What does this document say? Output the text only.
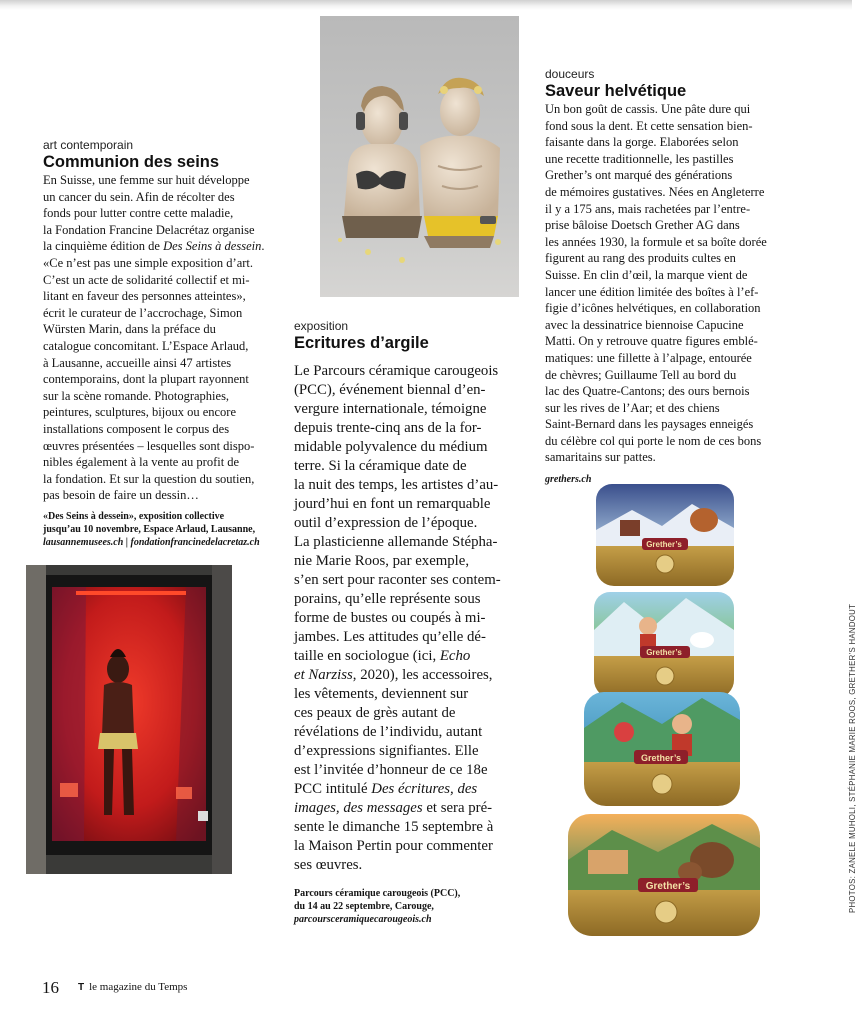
art contemporain
Communion des seins

En Suisse, une femme sur huit développe
un cancer du sein. Afin de récolter des
fonds pour lutter contre cette maladie,
la Fondation Francine Delacrétaz organise
la cinquième édition de Des Seins à dessein.
«Ce n’est pas une simple exposition d’art.
C’est un acte de solidarité collectif et mi-
litant en faveur des personnes atteintes»,
écrit le curateur de l’accrochage, Simon
Würsten Marin, dans la préface du
catalogue concomitant. L’Espace Arlaud,
à Lausanne, accueille ainsi 47 artistes
contemporains, dont la plupart rayonnent
sur la scène romande. Photographies,
peintures, sculptures, bijoux ou encore
installations composent le corpus des
œuvres présentées – lesquelles sont dispo-
nibles également à la vente au profit de
la fondation. Et sur la question du soutien,
pas besoin de faire un dessin…

«Des Seins à dessein», exposition collective
jusqu’au 10 novembre, Espace Arlaud, Lausanne,
lausannemusees.ch | fondationfrancinedelacretaz.ch
exposition
Ecritures d’argile

Le Parcours céramique carougeois
(PCC), événement biennal d’en-
vergure internationale, témoigne
depuis trente-cinq ans de la for-
midable polyvalence du médium
terre. Si la céramique date de
la nuit des temps, les artistes d’au-
jourd’hui en font un remarquable
outil d’expression de l’époque.
La plasticienne allemande Stépha-
nie Marie Roos, par exemple,
s’en sert pour raconter ses contem-
porains, qu’elle représente sous
forme de bustes ou coupés à mi-
jambes. Les attitudes qu’elle dé-
taille en sociologue (ici, Echo
et Narziss, 2020), les accessoires,
les vêtements, deviennent sur
ces peaux de grès autant de
révélations de l’individu, autant
d’expressions signifiantes. Elle
est l’invitée d’honneur de ce 18e
PCC intitulé Des écritures, des
images, des messages et sera pré-
sente le dimanche 15 septembre à
la Maison Pertin pour commenter
ses œuvres.

Parcours céramique carougeois (PCC),
du 14 au 22 septembre, Carouge,
parcoursceramiquecarougeois.ch
douceurs
Saveur helvétique

Un bon goût de cassis. Une pâte dure qui
fond sous la dent. Et cette sensation bien-
faisante dans la gorge. Elaborées selon
une recette traditionnelle, les pastilles
Grether’s ont marqué des générations
de mémoires gustatives. Nées en Angleterre
il y a 175 ans, mais rachetées par l’entre-
prise bâloise Doetsch Grether AG dans
les années 1930, la formule et sa boîte dorée
figurent au rang des produits cultes en
Suisse. En clin d’œil, la marque vient de
lancer une édition limitée des boîtes à l’ef-
figie d’icônes helvétiques, en collaboration
avec la dessinatrice biennoise Capucine
Matti. On y retrouve quatre figures emblé-
matiques: une fillette à l’alpage, entourée
de chèvres; Guillaume Tell au bord du
lac des Quatre-Cantons; des ours bernois
sur les rives de l’Aar; et des chiens
Saint-Bernard dans les paysages enneigés
du célèbre col qui porte le nom de ces bons
samaritains sur pattes.

grethers.ch
Grether’s
Grether’s
Grether’s
Grether’s	PHOTOS: ZANELE MUHOLI, STÉPHANIE MARIE ROOS, GRETHER’S HANDOUT
16 T le magazine du Temps
